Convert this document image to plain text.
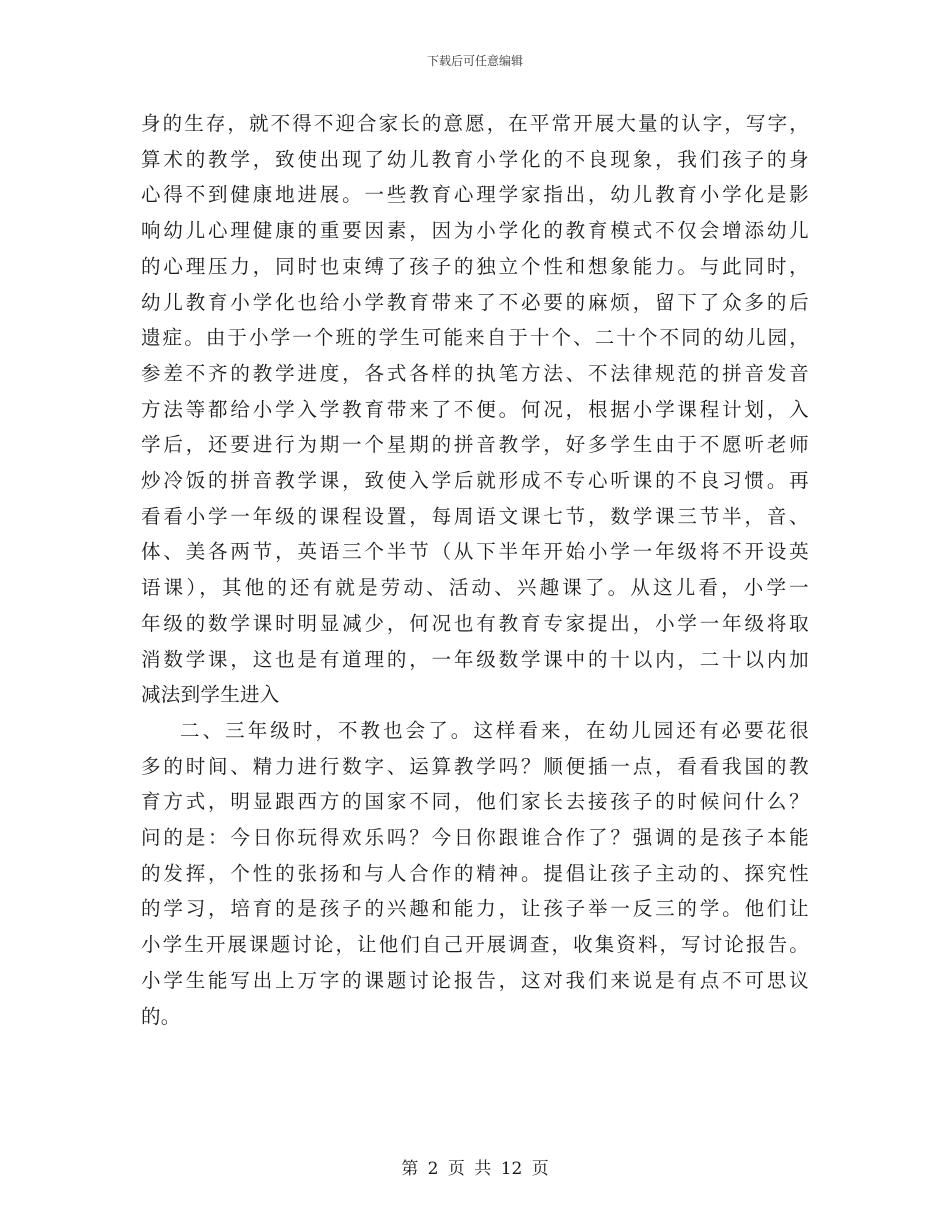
下载后可任意编辑

身的生存，就不得不迎合家长的意愿，在平常开展大量的认字，写字，
算术的教学，致使出现了幼儿教育小学化的不良现象，我们孩子的身
心得不到健康地进展。一些教育心理学家指出，幼儿教育小学化是影
响幼儿心理健康的重要因素，因为小学化的教育模式不仅会增添幼儿
的心理压力，同时也束缚了孩子的独立个性和想象能力。与此同时，
幼儿教育小学化也给小学教育带来了不必要的麻烦，留下了众多的后
遗症。由于小学一个班的学生可能来自于十个、二十个不同的幼儿园，
参差不齐的教学进度，各式各样的执笔方法、不法律规范的拼音发音
方法等都给小学入学教育带来了不便。何况，根据小学课程计划，入
学后，还要进行为期一个星期的拼音教学，好多学生由于不愿听老师
炒冷饭的拼音教学课，致使入学后就形成不专心听课的不良习惯。再
看看小学一年级的课程设置，每周语文课七节，数学课三节半，音、
体、美各两节，英语三个半节（从下半年开始小学一年级将不开设英
语课），其他的还有就是劳动、活动、兴趣课了。从这儿看，小学一
年级的数学课时明显减少，何况也有教育专家提出，小学一年级将取
消数学课，这也是有道理的，一年级数学课中的十以内，二十以内加
减法到学生进入

二、三年级时，不教也会了。这样看来，在幼儿园还有必要花很
多的时间、精力进行数字、运算教学吗？顺便插一点，看看我国的教
育方式，明显跟西方的国家不同，他们家长去接孩子的时候问什么？
问的是：今日你玩得欢乐吗？今日你跟谁合作了？强调的是孩子本能
的发挥，个性的张扬和与人合作的精神。提倡让孩子主动的、探究性
的学习，培育的是孩子的兴趣和能力，让孩子举一反三的学。他们让
小学生开展课题讨论，让他们自己开展调查，收集资料，写讨论报告。
小学生能写出上万字的课题讨论报告，这对我们来说是有点不可思议
的。

第 2 页 共 12 页
